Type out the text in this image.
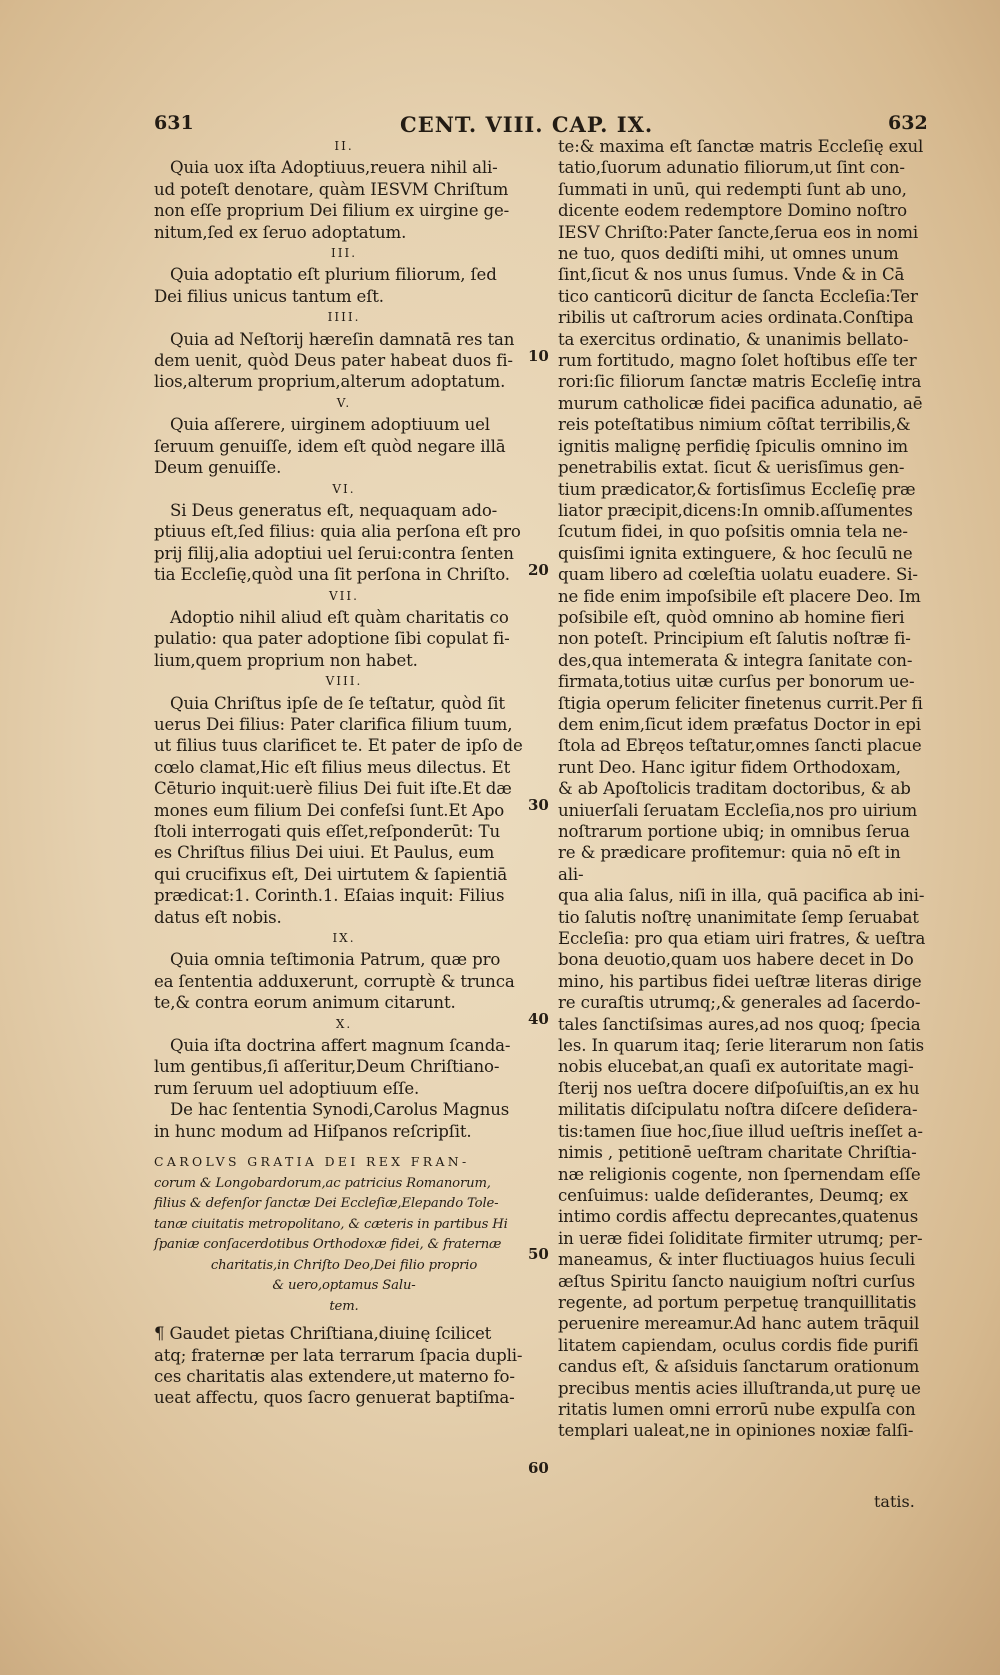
631	CENT. VIII. CAP. IX.	632

II.

Quia uox iſta Adoptiuus,reuera nihil ali-

ud poteſt denotare, quàm IESVM Chriſtum

non eſſe proprium Dei filium ex uirgine ge-

nitum,ſed ex ſeruo adoptatum.

III.

Quia adoptatio eſt plurium filiorum, ſed

Dei filius unicus tantum eſt.

IIII.

Quia ad Neſtorij hæreſin damnatā res tan

dem uenit, quòd Deus pater habeat duos fi-

lios,alterum proprium,alterum adoptatum.

V.

Quia aſſerere, uirginem adoptiuum uel

ſeruum genuiſſe, idem eſt quòd negare illā

Deum genuiſſe.

VI.

Si Deus generatus eſt, nequaquam ado-

ptiuus eſt,ſed filius: quia alia perſona eſt pro

prij filij,alia adoptiui uel ſerui:contra ſenten

tia Eccleſię,quòd una ſit perſona in Chriſto.

VII.

Adoptio nihil aliud eſt quàm charitatis co

pulatio: qua pater adoptione ſibi copulat fi-

lium,quem proprium non habet.

VIII.

Quia Chriſtus ipſe de ſe teſtatur, quòd ſit

uerus Dei filius: Pater clarifica filium tuum,

ut filius tuus clarificet te. Et pater de ipſo de

cœlo clamat,Hic eſt filius meus dilectus. Et

Cēturio inquit:uerè filius Dei fuit iſte.Et dæ

mones eum filium Dei confeſsi ſunt.Et Apo

ſtoli interrogati quis eſſet,reſponderūt: Tu

es Chriſtus filius Dei uiui. Et Paulus, eum

qui crucifixus eſt, Dei uirtutem & ſapientiā

prædicat:1. Corinth.1. Eſaias inquit: Filius

datus eſt nobis.

IX.

Quia omnia teſtimonia Patrum, quæ pro

ea ſententia adduxerunt, corruptè & trunca

te,& contra eorum animum citarunt.

X.

Quia iſta doctrina affert magnum ſcanda-

lum gentibus,ſi aſſeritur,Deum Chriſtiano-

rum ſeruum uel adoptiuum eſſe.

De hac ſententia Synodi,Carolus Magnus

in hunc modum ad Hiſpanos reſcripſit.

CAROLVS GRATIA DEI REX FRAN-

corum & Longobardorum,ac patricius Romanorum,

filius & defenſor ſanctæ Dei Eccleſiæ,Elepando Tole-

tanæ ciuitatis metropolitano, & cæteris in partibus Hi

ſpaniæ conſacerdotibus Orthodoxæ fidei, & fraternæ

charitatis,in Chriſto Deo,Dei filio proprio

& uero,optamus Salu-

tem.

¶ Gaudet pietas Chriſtiana,diuinę ſcilicet

atq; fraternæ per lata terrarum ſpacia dupli-

ces charitatis alas extendere,ut materno fo-

ueat affectu, quos ſacro genuerat baptiſma-

10
20
30
40
50
60

te:& maxima eſt ſanctæ matris Eccleſię exul

tatio,ſuorum adunatio filiorum,ut ſint con-

ſummati in unū, qui redempti ſunt ab uno,

dicente eodem redemptore Domino noſtro

IESV Chriſto:Pater ſancte,ſerua eos in nomi

ne tuo, quos dediſti mihi, ut omnes unum

ſint,ſicut & nos unus ſumus. Vnde & in Cā

tico canticorū dicitur de ſancta Eccleſia:Ter

ribilis ut caſtrorum acies ordinata.Conſtipa

ta exercitus ordinatio, & unanimis bellato-

rum fortitudo, magno ſolet hoſtibus eſſe ter

rori:ſic filiorum ſanctæ matris Eccleſię intra

murum catholicæ fidei pacifica adunatio, aē

reis poteſtatibus nimium cōſtat terribilis,&

ignitis malignę perfidię ſpiculis omnino im

penetrabilis extat. ſicut & uerisſimus gen-

tium prædicator,& fortisſimus Eccleſię præ

liator præcipit,dicens:In omnib.aſſumentes

ſcutum fidei, in quo poſsitis omnia tela ne-

quisſimi ignita extinguere, & hoc ſeculū ne

quam libero ad cœleſtia uolatu euadere. Si-

ne fide enim impoſsibile eſt placere Deo. Im

poſsibile eſt, quòd omnino ab homine fieri

non poteſt. Principium eſt ſalutis noſtræ fi-

des,qua intemerata & integra ſanitate con-

firmata,totius uitæ curſus per bonorum ue-

ſtigia operum feliciter finetenus currit.Per fi

dem enim,ſicut idem præfatus Doctor in epi

ſtola ad Ebręos teſtatur,omnes ſancti placue

runt Deo. Hanc igitur fidem Orthodoxam,

& ab Apoſtolicis traditam doctoribus, & ab

uniuerſali ſeruatam Eccleſia,nos pro uirium

noſtrarum portione ubiq; in omnibus ſerua

re & prædicare profitemur: quia nō eſt in ali-

qua alia ſalus, niſi in illa, quā pacifica ab ini-

tio ſalutis noſtrę unanimitate ſemp ſeruabat

Eccleſia: pro qua etiam uiri fratres, & ueſtra

bona deuotio,quam uos habere decet in Do

mino, his partibus fidei ueſtræ literas dirige

re curaſtis utrumq;,& generales ad ſacerdo-

tales ſanctiſsimas aures,ad nos quoq; ſpecia

les. In quarum itaq; ſerie literarum non ſatis

nobis elucebat,an quaſi ex autoritate magi-

ſterij nos ueſtra docere diſpoſuiſtis,an ex hu

militatis diſcipulatu noſtra diſcere deſidera-

tis:tamen ſiue hoc,ſiue illud ueſtris ineſſet a-

nimis , petitionē ueſtram charitate Chriſtia-

næ religionis cogente, non ſpernendam eſſe

cenſuimus: ualde deſiderantes, Deumq; ex

intimo cordis affectu deprecantes,quatenus

in ueræ fidei ſoliditate firmiter utrumq; per-

maneamus, & inter fluctiuagos huius ſeculi

æſtus Spiritu ſancto nauigium noſtri curſus

regente, ad portum perpetuę tranquillitatis

peruenire mereamur.Ad hanc autem trāquil

litatem capiendam, oculus cordis fide purifi

candus eſt, & aſsiduis ſanctarum orationum

precibus mentis acies illuſtranda,ut purę ue

ritatis lumen omni errorū nube expulſa con

templari ualeat,ne in opiniones noxiæ falſi-

tatis.
